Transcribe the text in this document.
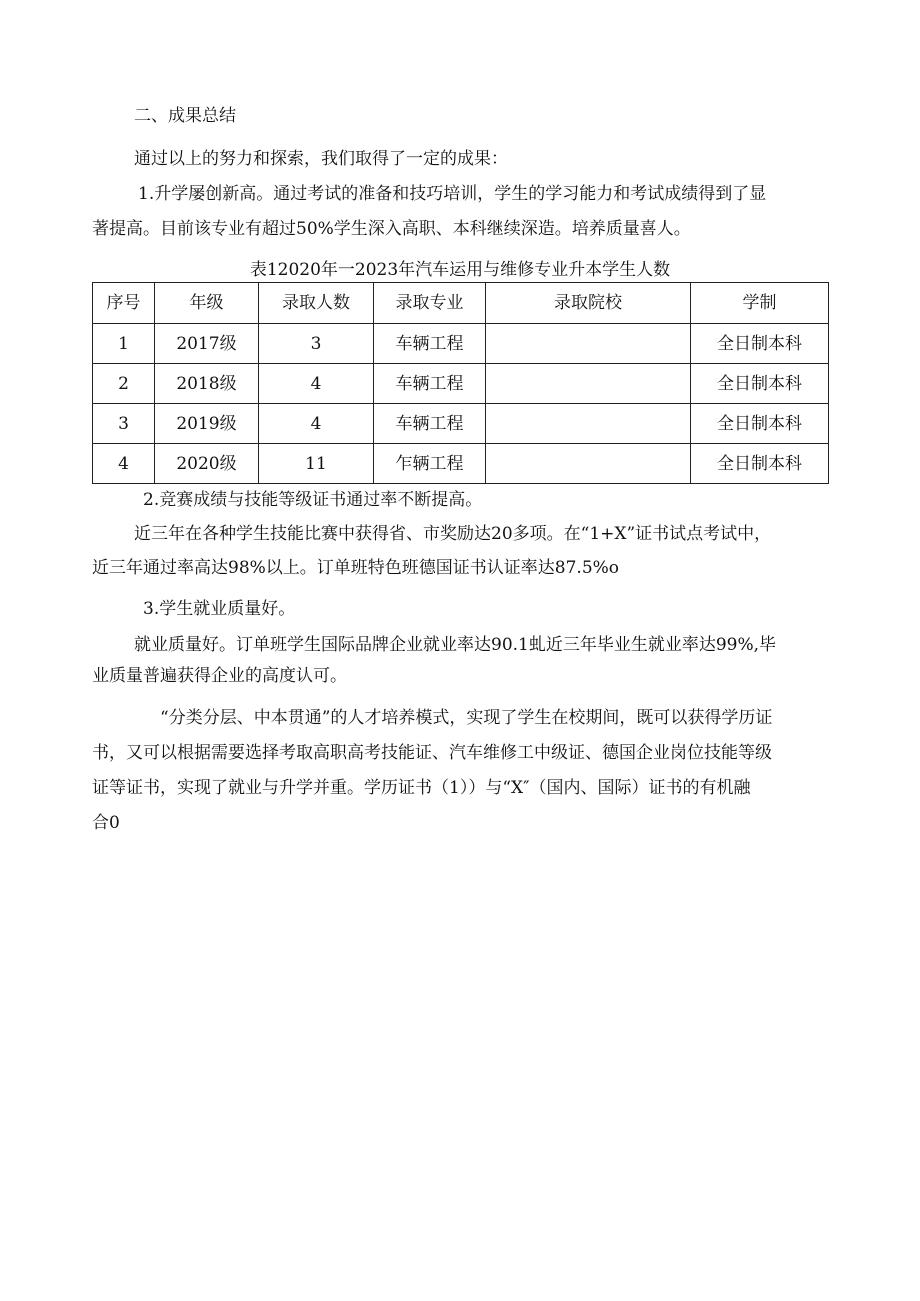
二、成果总结
通过以上的努力和探索，我们取得了一定的成果：
1.升学屡创新高。通过考试的准备和技巧培训，学生的学习能力和考试成绩得到了显
著提高。目前该专业有超过50%学生深入高职、本科继续深造。培养质量喜人。
表12020年一2023年汽车运用与维修专业升本学生人数
序号	年级	录取人数	录取专业	录取院校	学制
1	2017级	3	车辆工程		全日制本科
2	2018级	4	车辆工程		全日制本科
3	2019级	4	车辆工程		全日制本科
4	2020级	11	乍辆工程		全日制本科
2.竞赛成绩与技能等级证书通过率不断提高。
近三年在各种学生技能比赛中获得省、市奖励达20多项。在“1+X”证书试点考试中，
近三年通过率高达98%以上。订单班特色班德国证书认证率达87.5%o
3.学生就业质量好。
就业质量好。订单班学生国际品牌企业就业率达90.1虬近三年毕业生就业率达99%,毕
业质量普遍获得企业的高度认可。
“分类分层、中本贯通”的人才培养模式，实现了学生在校期间，既可以获得学历证
书，又可以根据需要选择考取高职高考技能证、汽车维修工中级证、德国企业岗位技能等级
证等证书，实现了就业与升学并重。学历证书（1））与“X″（国内、国际）证书的有机融
合0
